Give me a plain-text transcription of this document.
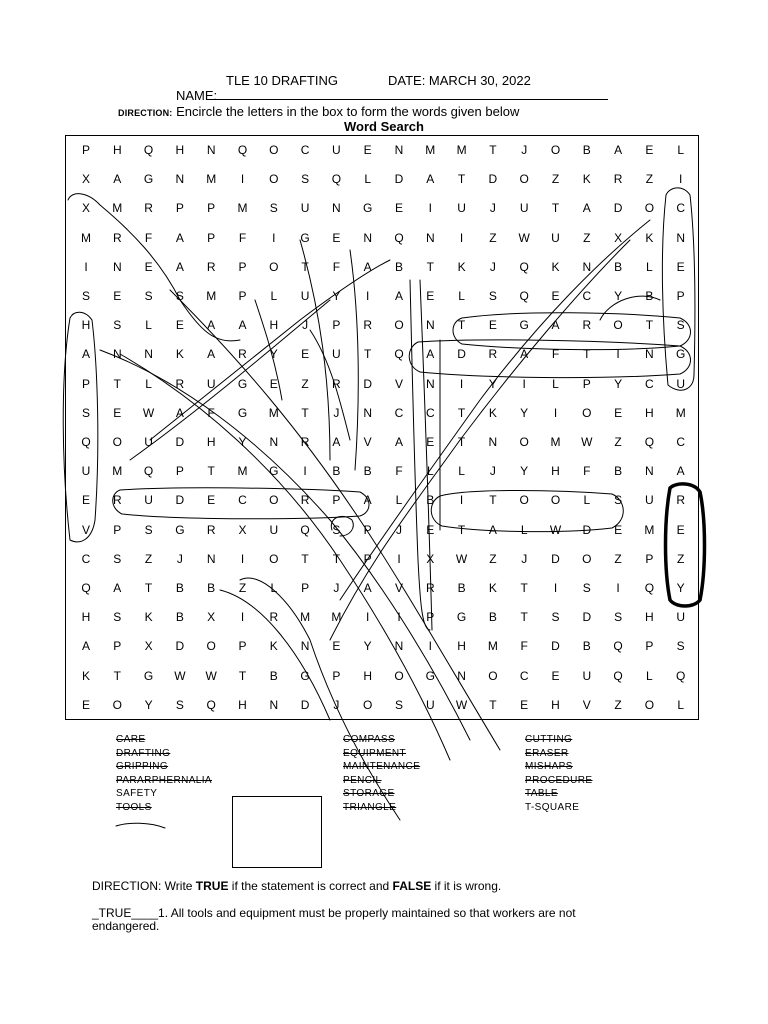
TLE 10 DRAFTING	DATE: MARCH 30, 2022
NAME:
DIRECTION: Encircle the letters in the box to form the words given below
Word Search
P	H	Q	H	N	Q	O	C	U	E	N	M	M	T	J	O	B	A	E	L
X	A	G	N	M	I	O	S	Q	L	D	A	T	D	O	Z	K	R	Z	I
X	M	R	P	P	M	S	U	N	G	E	I	U	J	U	T	A	D	O	C
M	R	F	A	P	F	I	G	E	N	Q	N	I	Z	W	U	Z	X	K	N
I	N	E	A	R	P	O	T	F	A	B	T	K	J	Q	K	N	B	L	E
S	E	S	S	M	P	L	U	Y	I	A	E	L	S	Q	E	C	Y	B	P
H	S	L	E	A	A	H	J	P	R	O	N	T	E	G	A	R	O	T	S
A	N	N	K	A	R	Y	E	U	T	Q	A	D	R	A	F	T	I	N	G
P	T	L	R	U	G	E	Z	R	D	V	N	I	Y	I	L	P	Y	C	U
S	E	W	A	F	G	M	T	J	N	C	C	T	K	Y	I	O	E	H	M
Q	O	U	D	H	Y	N	R	A	V	A	E	T	N	O	M	W	Z	Q	C
U	M	Q	P	T	M	G	I	B	B	F	L	L	J	Y	H	F	B	N	A
E	R	U	D	E	C	O	R	P	A	L	B	I	T	O	O	L	S	U	R
V	P	S	G	R	X	U	Q	S	P	J	E	T	A	L	W	D	E	M	E
C	S	Z	J	N	I	O	T	T	P	I	X	W	Z	J	D	O	Z	P	Z
Q	A	T	B	B	Z	L	P	J	A	V	R	B	K	T	I	S	I	Q	Y
H	S	K	B	X	I	R	M	M	I	I	P	G	B	T	S	D	S	H	U
A	P	X	D	O	P	K	N	E	Y	N	I	H	M	F	D	B	Q	P	S
K	T	G	W	W	T	B	G	P	H	O	G	N	O	C	E	U	Q	L	Q
E	O	Y	S	Q	H	N	D	J	O	S	U	W	T	E	H	V	Z	O	L
CARE
DRAFTING
GRIPPING
PARARPHERNALIA
SAFETY
TOOLS
COMPASS
EQUIPMENT
MAINTENANCE
PENCIL
STORAGE
TRIANGLE
CUTTING
ERASER
MISHAPS
PROCEDURE
TABLE
T-SQUARE
DIRECTION: Write TRUE if the statement is correct and FALSE if it is wrong.
_TRUE____1. All tools and equipment must be properly maintained so that workers are not endangered.
